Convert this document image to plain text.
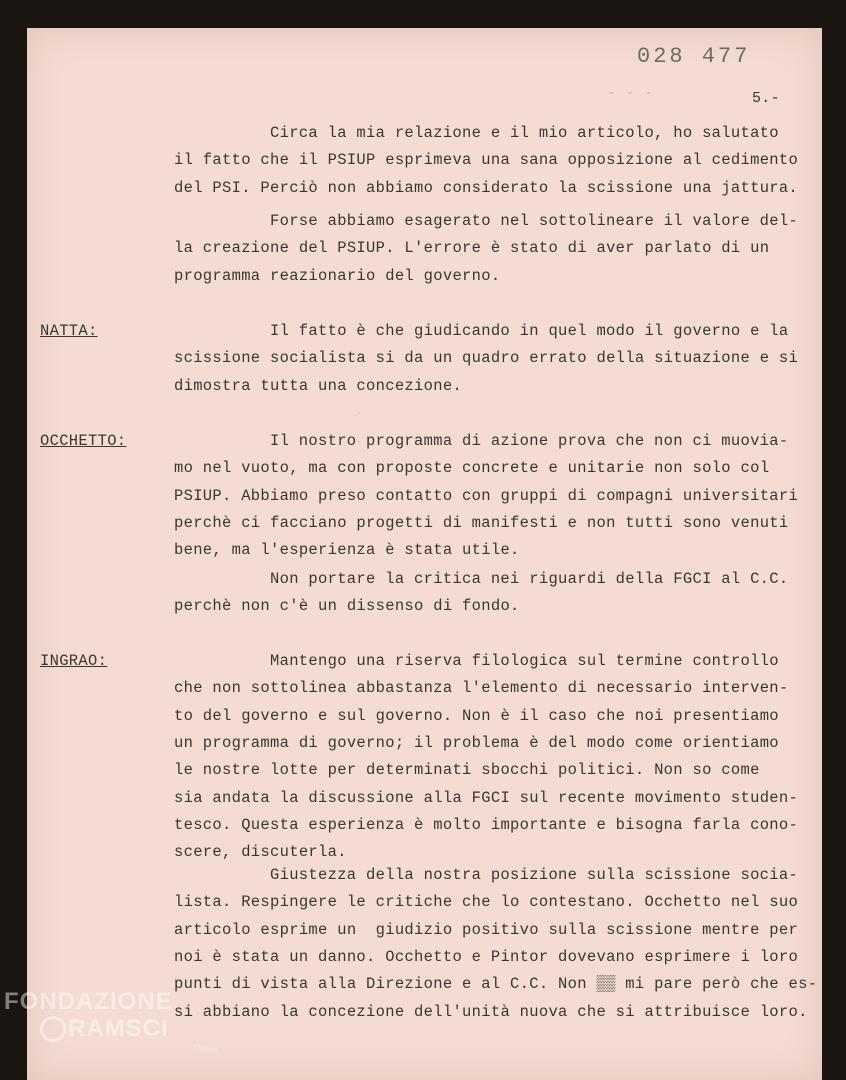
028 477
- - -	5.-
· · · · ·
Circa la mia relazione e il mio articolo, ho salutato
il fatto che il PSIUP esprimeva una sana opposizione al cedimento
del PSI. Perciò non abbiamo considerato la scissione una jattura.
Forse abbiamo esagerato nel sottolineare il valore del-
la creazione del PSIUP. L'errore è stato di aver parlato di un
programma reazionario del governo.
NATTA:	Il fatto è che giudicando in quel modo il governo e la
scissione socialista si da un quadro errato della situazione e si
dimostra tutta una concezione.
OCCHETTO:	Il nostro programma di azione prova che non ci muovia-
mo nel vuoto, ma con proposte concrete e unitarie non solo col
PSIUP. Abbiamo preso contatto con gruppi di compagni universitari
perchè ci facciano progetti di manifesti e non tutti sono venuti
bene, ma l'esperienza è stata utile.
Non portare la critica nei riguardi della FGCI al C.C.
perchè non c'è un dissenso di fondo.
INGRAO:	Mantengo una riserva filologica sul termine controllo
che non sottolinea abbastanza l'elemento di necessario interven-
to del governo e sul governo. Non è il caso che noi presentiamo
un programma di governo; il problema è del modo come orientiamo
le nostre lotte per determinati sbocchi politici. Non so come
sia andata la discussione alla FGCI sul recente movimento studen-
tesco. Questa esperienza è molto importante e bisogna farla cono-
scere, discuterla.
Giustezza della nostra posizione sulla scissione socia-
lista. Respingere le critiche che lo contestano. Occhetto nel suo
articolo esprime un  giudizio positivo sulla scissione mentre per
noi è stata un danno. Occhetto e Pintor dovevano esprimere i loro
punti di vista alla Direzione e al C.C. Non ▒▒ mi pare però che es-
si abbiano la concezione dell'unità nuova che si attribuisce loro.
FONDAZIONE
RAMSCI
Onlus
